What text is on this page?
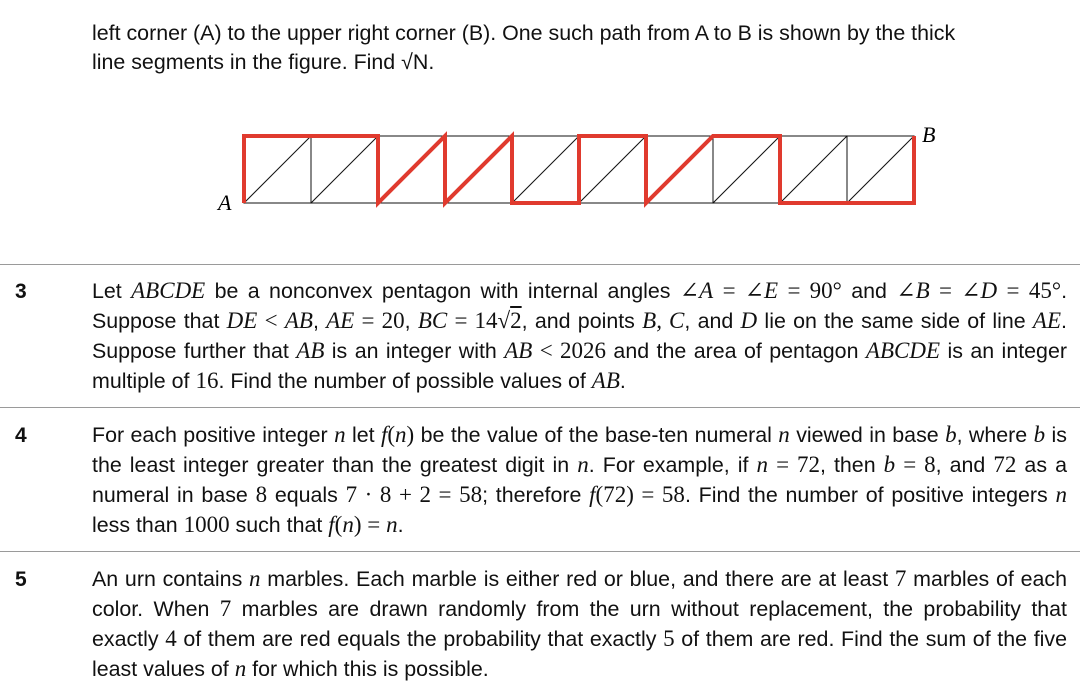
left corner (A) to the upper right corner (B). One such path from A to B is shown by the thick
line segments in the figure. Find √N.
A
B
3	Let ABCDE be a nonconvex pentagon with internal angles ∠A = ∠E = 90° and ∠B = ∠D = 45°. Suppose that DE < AB, AE = 20, BC = 14√2, and points B, C, and D lie on the same side of line AE. Suppose further that AB is an integer with AB < 2026 and the area of pentagon ABCDE is an integer multiple of 16. Find the number of possible values of AB.
4	For each positive integer n let f(n) be the value of the base-ten numeral n viewed in base b, where b is the least integer greater than the greatest digit in n. For example, if n = 72, then b = 8, and 72 as a numeral in base 8 equals 7 · 8 + 2 = 58; therefore f(72) = 58. Find the number of positive integers n less than 1000 such that f(n) = n.
5	An urn contains n marbles. Each marble is either red or blue, and there are at least 7 marbles of each color. When 7 marbles are drawn randomly from the urn without replacement, the probability that exactly 4 of them are red equals the probability that exactly 5 of them are red. Find the sum of the five least values of n for which this is possible.
